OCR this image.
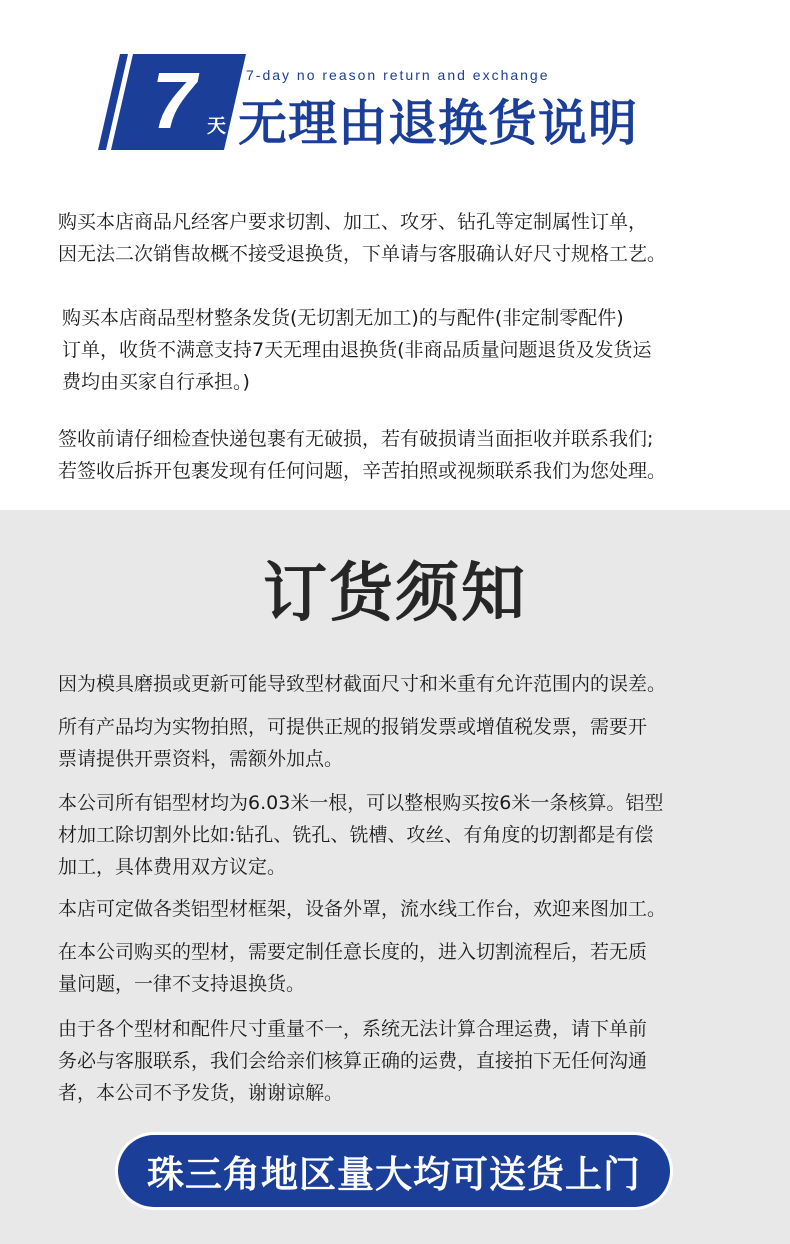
7 天
7-day no reason return and exchange
无理由退换货说明
购买本店商品凡经客户要求切割、加工、攻牙、钻孔等定制属性订单，
因无法二次销售故概不接受退换货，下单请与客服确认好尺寸规格工艺。
购买本店商品型材整条发货(无切割无加工)的与配件(非定制零配件)
订单，收货不满意支持7天无理由退换货(非商品质量问题退货及发货运
费均由买家自行承担。)
签收前请仔细检查快递包裹有无破损，若有破损请当面拒收并联系我们;
若签收后拆开包裹发现有任何问题，辛苦拍照或视频联系我们为您处理。
订货须知
因为模具磨损或更新可能导致型材截面尺寸和米重有允许范围内的误差。
所有产品均为实物拍照，可提供正规的报销发票或增值税发票，需要开
票请提供开票资料，需额外加点。
本公司所有铝型材均为6.03米一根，可以整根购买按6米一条核算。铝型
材加工除切割外比如:钻孔、铣孔、铣槽、攻丝、有角度的切割都是有偿
加工，具体费用双方议定。
本店可定做各类铝型材框架，设备外罩，流水线工作台，欢迎来图加工。
在本公司购买的型材，需要定制任意长度的，进入切割流程后，若无质
量问题，一律不支持退换货。
由于各个型材和配件尺寸重量不一，系统无法计算合理运费，请下单前
务必与客服联系，我们会给亲们核算正确的运费，直接拍下无任何沟通
者，本公司不予发货，谢谢谅解。
珠三角地区量大均可送货上门
